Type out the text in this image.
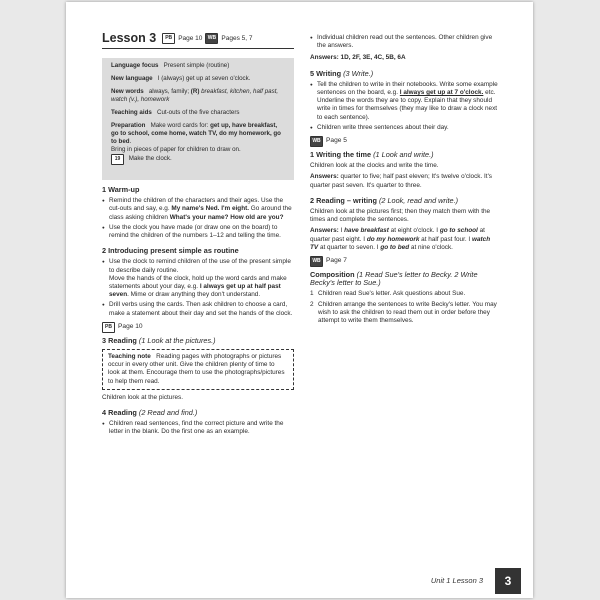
Lesson 3	PB Page 10	WB Pages 5, 7

Language focus Present simple (routine)

New language I (always) get up at seven o'clock.

New words always, family; (R) breakfast, kitchen, half past, watch (v.), homework

Teaching aids Cut-outs of the five characters

Preparation Make word cards for: get up, have breakfast, go to school, come home, watch TV, do my homework, go to bed.

Bring in pieces of paper for children to draw on.

19 Make the clock.

1 Warm-up

● Remind the children of the characters and their ages. Use the cut-outs and say, e.g. My name's Ned. I'm eight. Go around the class asking children What's your name? How old are you?

● Use the clock you have made (or draw one on the board) to remind the children of the numbers 1–12 and telling the time.

2 Introducing present simple as routine

● Use the clock to remind children of the use of the present simple to describe daily routine.

Move the hands of the clock, hold up the word cards and make statements about your day, e.g. I always get up at half past seven. Mime or draw anything they don't understand.

● Drill verbs using the cards. Then ask children to choose a card, make a statement about their day and set the hands of the clock.

PB Page 10

3 Reading (1 Look at the pictures.)

Teaching note Reading pages with photographs or pictures occur in every other unit. Give the children plenty of time to look at them. Encourage them to use the photographs/pictures to help them read.

Children look at the pictures.

4 Reading (2 Read and find.)

● Children read sentences, find the correct picture and write the letter in the blank. Do the first one as an example.

● Individual children read out the sentences. Other children give the answers.

Answers: 1D, 2F, 3E, 4C, 5B, 6A

5 Writing (3 Write.)

● Tell the children to write in their notebooks. Write some example sentences on the board, e.g. I always get up at 7 o'clock. etc. Underline the words they are to copy. Explain that they should write in times for themselves (they may like to draw a clock next to each sentence).

● Children write three sentences about their day.

WB Page 5

1 Writing the time (1 Look and write.)

Children look at the clocks and write the time.

Answers: quarter to five; half past eleven; It's twelve o'clock. It's quarter past seven. It's quarter to three.

2 Reading – writing (2 Look, read and write.)

Children look at the pictures first; then they match them with the times and complete the sentences.

Answers: I have breakfast at eight o'clock. I go to school at quarter past eight. I do my homework at half past four. I watch TV at quarter to seven. I go to bed at nine o'clock.

WB Page 7

Composition (1 Read Sue's letter to Becky. 2 Write Becky's letter to Sue.)

1 Children read Sue's letter. Ask questions about Sue.

2 Children arrange the sentences to write Becky's letter. You may wish to ask the children to read them out in order before they attempt to write them themselves.

Unit 1 Lesson 3	3
